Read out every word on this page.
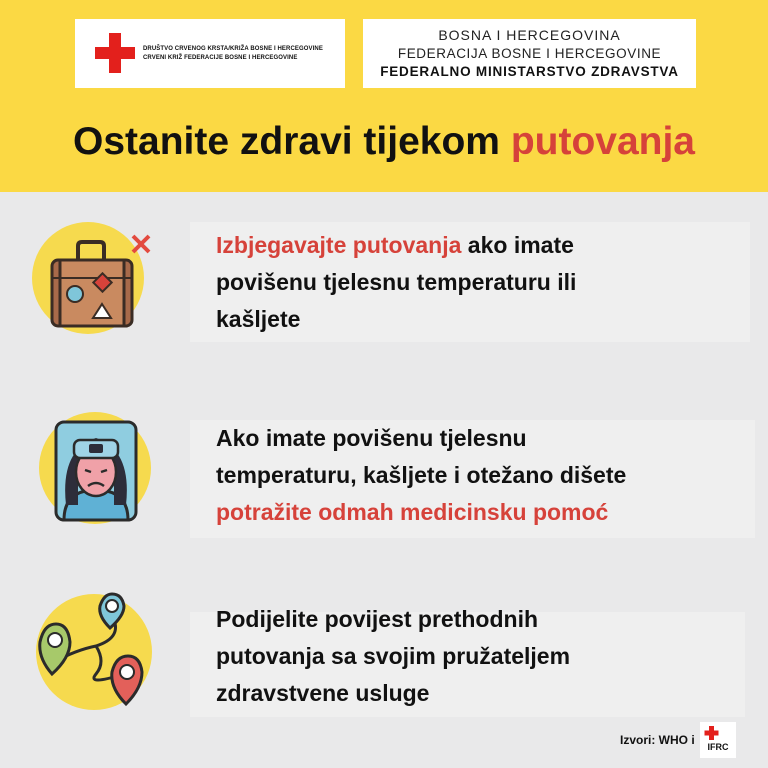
DRUŠTVO CRVENOG KRSTA/KRIŽA BOSNE I HERCEGOVINE
CRVENI KRIŽ FEDERACIJE BOSNE I HERCEGOVINE
BOSNA I HERCEGOVINA
FEDERACIJA BOSNE I HERCEGOVINE
FEDERALNO MINISTARSTVO ZDRAVSTVA
Ostanite zdravi tijekom putovanja
Izbjegavajte putovanja ako imate
povišenu tjelesnu temperaturu ili
kašljete
Ako imate povišenu tjelesnu
temperaturu, kašljete i otežano dišete
potražite odmah medicinsku pomoć
Podijelite povijest prethodnih
putovanja sa svojim pružateljem
zdravstvene usluge
Izvori: WHO i	IFRC
